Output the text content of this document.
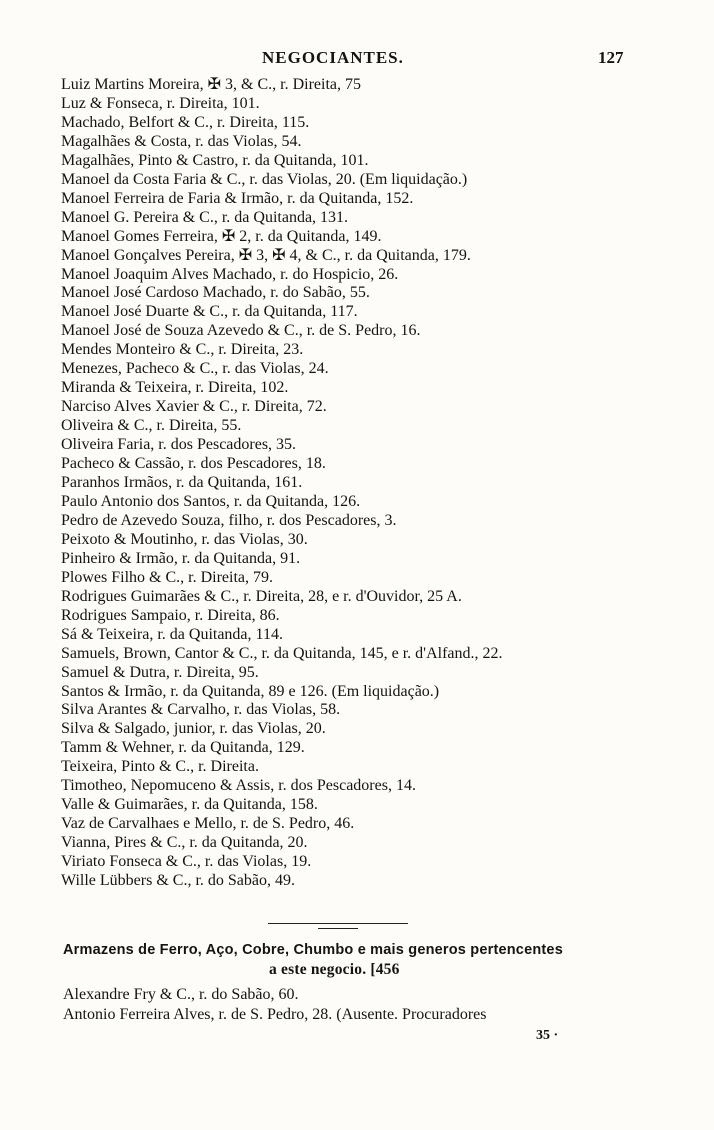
NEGOCIANTES.	127
Luiz Martins Moreira, ✠ 3, & C., r. Direita, 75
Luz & Fonseca, r. Direita, 101.
Machado, Belfort & C., r. Direita, 115.
Magalhães & Costa, r. das Violas, 54.
Magalhães, Pinto & Castro, r. da Quitanda, 101.
Manoel da Costa Faria & C., r. das Violas, 20. (Em liquidação.)
Manoel Ferreira de Faria & Irmão, r. da Quitanda, 152.
Manoel G. Pereira & C., r. da Quitanda, 131.
Manoel Gomes Ferreira, ✠ 2, r. da Quitanda, 149.
Manoel Gonçalves Pereira, ✠ 3, ✠ 4, & C., r. da Quitanda, 179.
Manoel Joaquim Alves Machado, r. do Hospicio, 26.
Manoel José Cardoso Machado, r. do Sabão, 55.
Manoel José Duarte & C., r. da Quitanda, 117.
Manoel José de Souza Azevedo & C., r. de S. Pedro, 16.
Mendes Monteiro & C., r. Direita, 23.
Menezes, Pacheco & C., r. das Violas, 24.
Miranda & Teixeira, r. Direita, 102.
Narciso Alves Xavier & C., r. Direita, 72.
Oliveira & C., r. Direita, 55.
Oliveira Faria, r. dos Pescadores, 35.
Pacheco & Cassão, r. dos Pescadores, 18.
Paranhos Irmãos, r. da Quitanda, 161.
Paulo Antonio dos Santos, r. da Quitanda, 126.
Pedro de Azevedo Souza, filho, r. dos Pescadores, 3.
Peixoto & Moutinho, r. das Violas, 30.
Pinheiro & Irmão, r. da Quitanda, 91.
Plowes Filho & C., r. Direita, 79.
Rodrigues Guimarães & C., r. Direita, 28, e r. d'Ouvidor, 25 A.
Rodrigues Sampaio, r. Direita, 86.
Sá & Teixeira, r. da Quitanda, 114.
Samuels, Brown, Cantor & C., r. da Quitanda, 145, e r. d'Alfand., 22.
Samuel & Dutra, r. Direita, 95.
Santos & Irmão, r. da Quitanda, 89 e 126. (Em liquidação.)
Silva Arantes & Carvalho, r. das Violas, 58.
Silva & Salgado, junior, r. das Violas, 20.
Tamm & Wehner, r. da Quitanda, 129.
Teixeira, Pinto & C., r. Direita.
Timotheo, Nepomuceno & Assis, r. dos Pescadores, 14.
Valle & Guimarães, r. da Quitanda, 158.
Vaz de Carvalhaes e Mello, r. de S. Pedro, 46.
Vianna, Pires & C., r. da Quitanda, 20.
Viriato Fonseca & C., r. das Violas, 19.
Wille Lübbers & C., r. do Sabão, 49.
Armazens de Ferro, Aço, Cobre, Chumbo e mais generos pertencentes
a este negocio. [456
Alexandre Fry & C., r. do Sabão, 60.
Antonio Ferreira Alves, r. de S. Pedro, 28. (Ausente. Procuradores
35 ·
